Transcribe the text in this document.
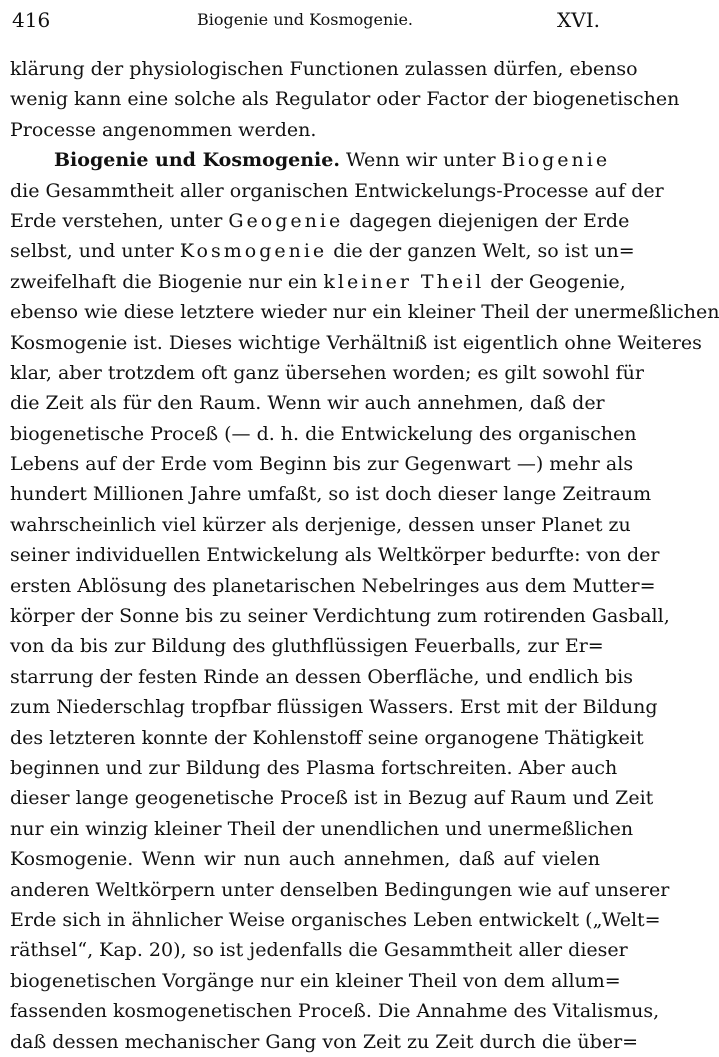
416	Biogenie und Kosmogenie.	XVI.
klärung der physiologischen Functionen zulassen dürfen, ebenso
wenig kann eine solche als Regulator oder Factor der biogenetischen
Processe angenommen werden.
Biogenie und Kosmogenie. Wenn wir unter Biogenie
die Gesammtheit aller organischen Entwickelungs-Processe auf der
Erde verstehen, unter Geogenie dagegen diejenigen der Erde
selbst, und unter Kosmogenie die der ganzen Welt, so ist un=
zweifelhaft die Biogenie nur ein kleiner Theil der Geogenie,
ebenso wie diese letztere wieder nur ein kleiner Theil der unermeßlichen
Kosmogenie ist. Dieses wichtige Verhältniß ist eigentlich ohne Weiteres
klar, aber trotzdem oft ganz übersehen worden; es gilt sowohl für
die Zeit als für den Raum. Wenn wir auch annehmen, daß der
biogenetische Proceß (— d. h. die Entwickelung des organischen
Lebens auf der Erde vom Beginn bis zur Gegenwart —) mehr als
hundert Millionen Jahre umfaßt, so ist doch dieser lange Zeitraum
wahrscheinlich viel kürzer als derjenige, dessen unser Planet zu
seiner individuellen Entwickelung als Weltkörper bedurfte: von der
ersten Ablösung des planetarischen Nebelringes aus dem Mutter=
körper der Sonne bis zu seiner Verdichtung zum rotirenden Gasball,
von da bis zur Bildung des gluthflüssigen Feuerballs, zur Er=
starrung der festen Rinde an dessen Oberfläche, und endlich bis
zum Niederschlag tropfbar flüssigen Wassers. Erst mit der Bildung
des letzteren konnte der Kohlenstoff seine organogene Thätigkeit
beginnen und zur Bildung des Plasma fortschreiten. Aber auch
dieser lange geogenetische Proceß ist in Bezug auf Raum und Zeit
nur ein winzig kleiner Theil der unendlichen und unermeßlichen
Kosmogenie. Wenn wir nun auch annehmen, daß auf vielen
anderen Weltkörpern unter denselben Bedingungen wie auf unserer
Erde sich in ähnlicher Weise organisches Leben entwickelt („Welt=
räthsel“, Kap. 20), so ist jedenfalls die Gesammtheit aller dieser
biogenetischen Vorgänge nur ein kleiner Theil von dem allum=
fassenden kosmogenetischen Proceß. Die Annahme des Vitalismus,
daß dessen mechanischer Gang von Zeit zu Zeit durch die über=
